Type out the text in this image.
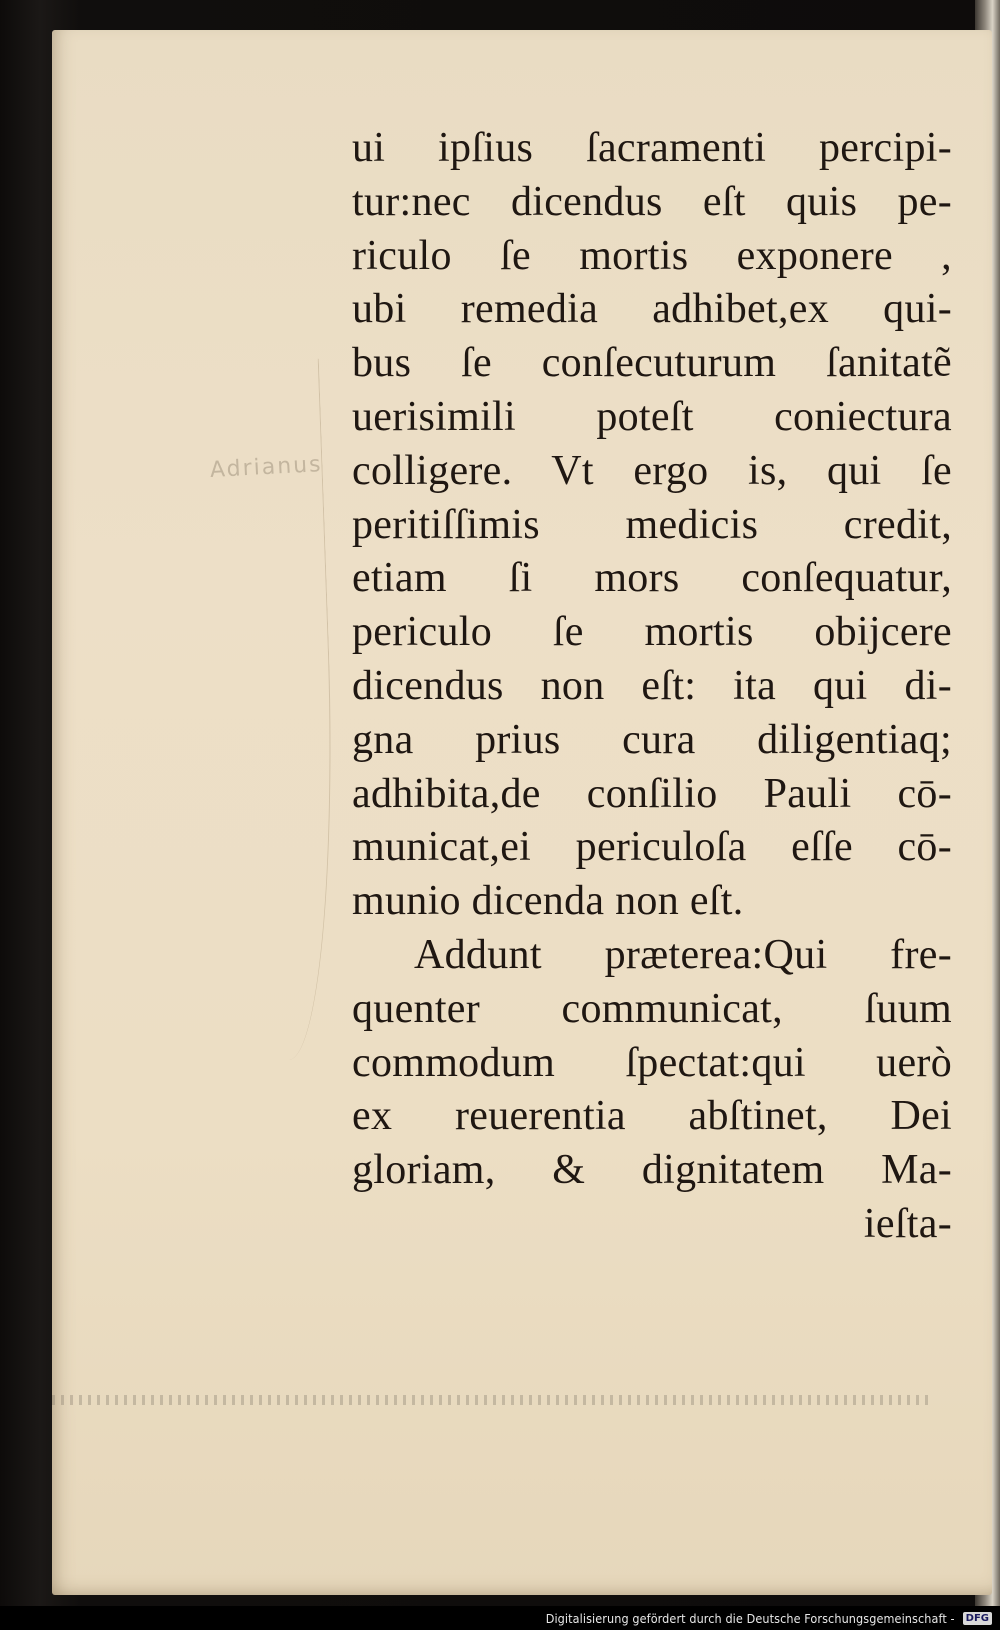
Adrianus
ui ipſius ſacramenti percipi-
tur:nec dicendus eſt quis pe-
riculo ſe mortis exponere ,
ubi remedia adhibet,ex qui-
bus ſe conſecuturum ſanitatẽ
uerisimili poteſt coniectura
colligere. Vt ergo is, qui ſe
peritiſſimis medicis credit,
etiam ſi mors conſequatur,
periculo ſe mortis obijcere
dicendus non eſt: ita qui di-
gna prius cura diligentiaq;
adhibita,de conſilio Pauli cō-
municat,ei periculoſa eſſe cō-
munio dicenda non eſt.
Addunt præterea:Qui fre-
quenter communicat, ſuum
commodum ſpectat:qui uerò
ex reuerentia abſtinet, Dei
gloriam, & dignitatem Ma-
ieſta-
Digitalisierung gefördert durch die Deutsche Forschungsgemeinschaft -	DFG
